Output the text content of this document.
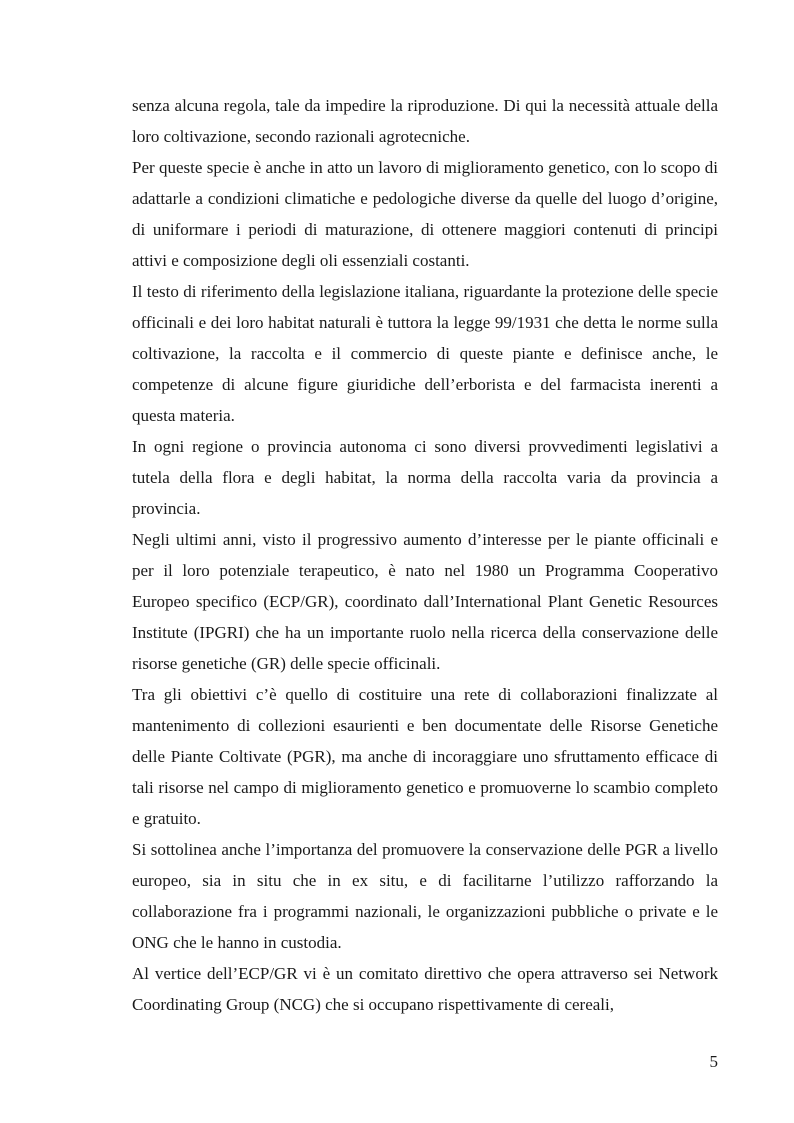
senza alcuna regola, tale da impedire la riproduzione. Di qui la necessità attuale della loro coltivazione, secondo razionali agrotecniche.

Per queste specie è anche in atto un lavoro di miglioramento genetico, con lo scopo di adattarle a condizioni climatiche e pedologiche diverse da quelle del luogo d’origine, di uniformare i periodi di maturazione, di ottenere maggiori contenuti di principi attivi e composizione degli oli essenziali costanti.

Il testo di riferimento della legislazione italiana, riguardante la protezione delle specie officinali e dei loro habitat naturali è tuttora la legge 99/1931 che detta le norme sulla coltivazione, la raccolta e il commercio di queste piante e definisce anche, le competenze di alcune figure giuridiche dell’erborista e del farmacista inerenti a questa materia.

In ogni regione o provincia autonoma ci sono diversi provvedimenti legislativi a tutela della flora e degli habitat, la norma della raccolta varia da provincia a provincia.

Negli ultimi anni, visto il progressivo aumento d’interesse per le piante officinali e per il loro potenziale terapeutico, è nato nel 1980 un Programma Cooperativo Europeo specifico (ECP/GR), coordinato dall’International Plant Genetic Resources Institute (IPGRI) che ha un importante ruolo nella ricerca della conservazione delle risorse genetiche (GR) delle specie officinali.

Tra gli obiettivi c’è quello di costituire una rete di collaborazioni finalizzate al mantenimento di collezioni esaurienti e ben documentate delle Risorse Genetiche delle Piante Coltivate (PGR), ma anche di incoraggiare uno sfruttamento efficace di tali risorse nel campo di miglioramento genetico e promuoverne lo scambio completo e gratuito.

Si sottolinea anche l’importanza del promuovere la conservazione delle PGR a livello europeo, sia in situ che in ex situ, e di facilitarne l’utilizzo rafforzando la collaborazione fra i programmi nazionali, le organizzazioni pubbliche o private e le ONG che le hanno in custodia.

Al vertice dell’ECP/GR vi è un comitato direttivo che opera attraverso sei Network Coordinating Group (NCG) che si occupano rispettivamente di cereali,

5
